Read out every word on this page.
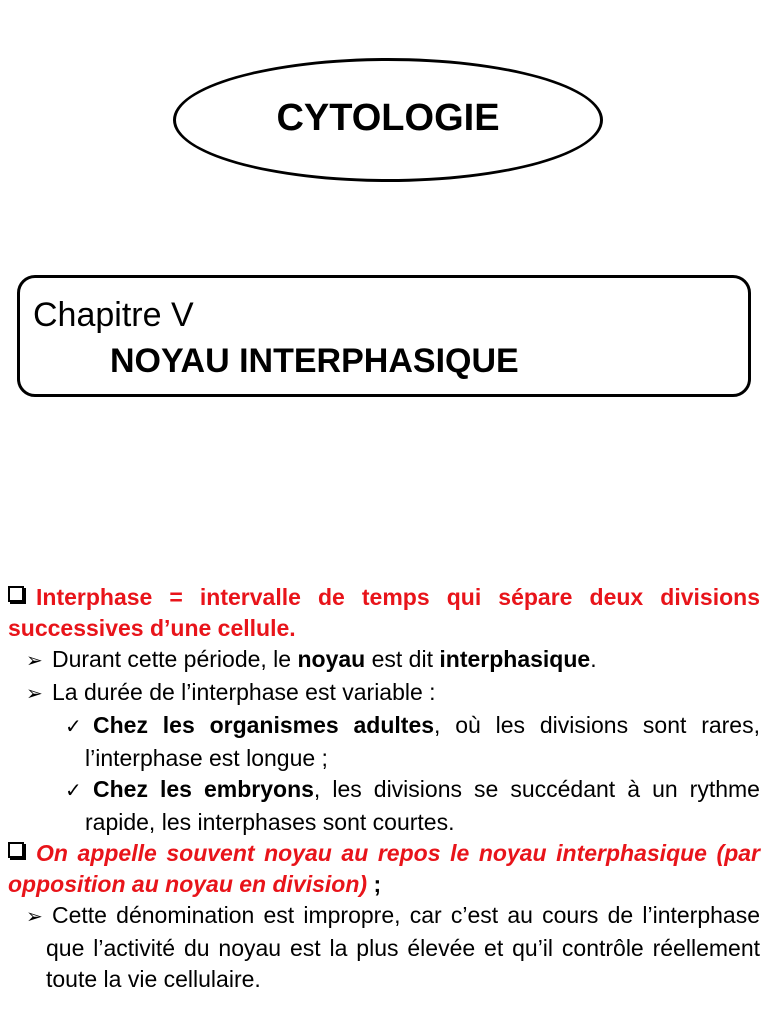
CYTOLOGIE
Chapitre V
NOYAU INTERPHASIQUE

Interphase = intervalle de temps qui sépare deux divisions successives d’une cellule.

➢ Durant cette période, le noyau est dit interphasique.

➢ La durée de l’interphase est variable :

✓ Chez les organismes adultes, où les divisions sont rares, l’interphase est longue ;

✓ Chez les embryons, les divisions se succédant à un rythme rapide, les interphases sont courtes.

On appelle souvent noyau au repos le noyau interphasique (par opposition au noyau en division) ;

➢ Cette dénomination est impropre, car c’est au cours de l’interphase que l’activité du noyau est la plus élevée et qu’il contrôle réellement toute la vie cellulaire.
